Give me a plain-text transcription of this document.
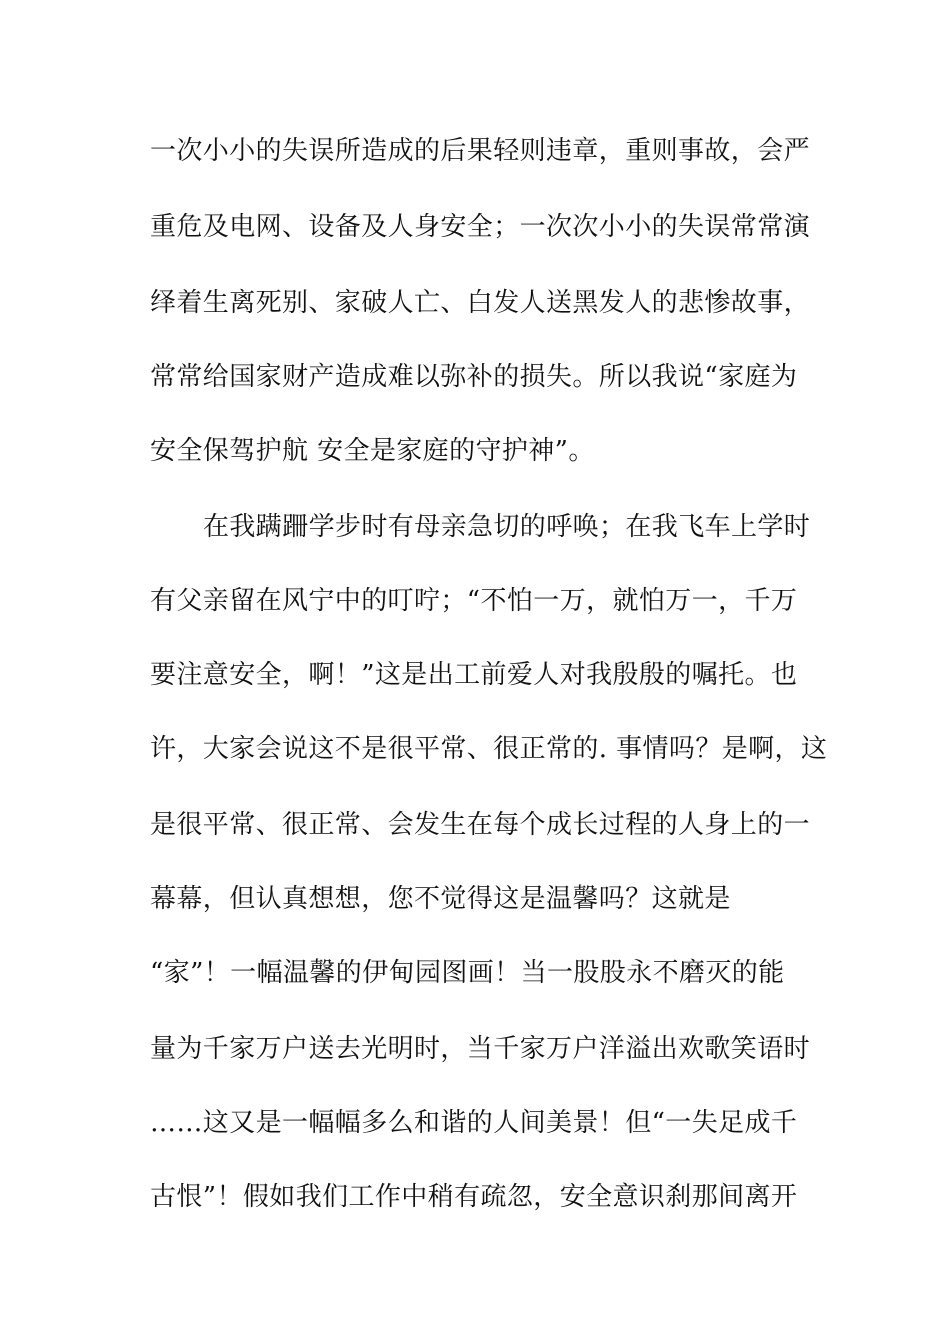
一次小小的失误所造成的后果轻则违章，重则事故，会严
重危及电网、设备及人身安全；一次次小小的失误常常演
绎着生离死别、家破人亡、白发人送黑发人的悲惨故事，
常常给国家财产造成难以弥补的损失。所以我说“家庭为
安全保驾护航 安全是家庭的守护神”。
在我蹒跚学步时有母亲急切的呼唤；在我飞车上学时
有父亲留在风宁中的叮咛；“不怕一万，就怕万一，千万
要注意安全，啊！”这是出工前爱人对我殷殷的嘱托。也
许，大家会说这不是很平常、很正常的. 事情吗？是啊，这
是很平常、很正常、会发生在每个成长过程的人身上的一
幕幕，但认真想想，您不觉得这是温馨吗？这就是
“家”！一幅温馨的伊甸园图画！当一股股永不磨灭的能
量为千家万户送去光明时，当千家万户洋溢出欢歌笑语时
……这又是一幅幅多么和谐的人间美景！但“一失足成千
古恨”！假如我们工作中稍有疏忽，安全意识刹那间离开
